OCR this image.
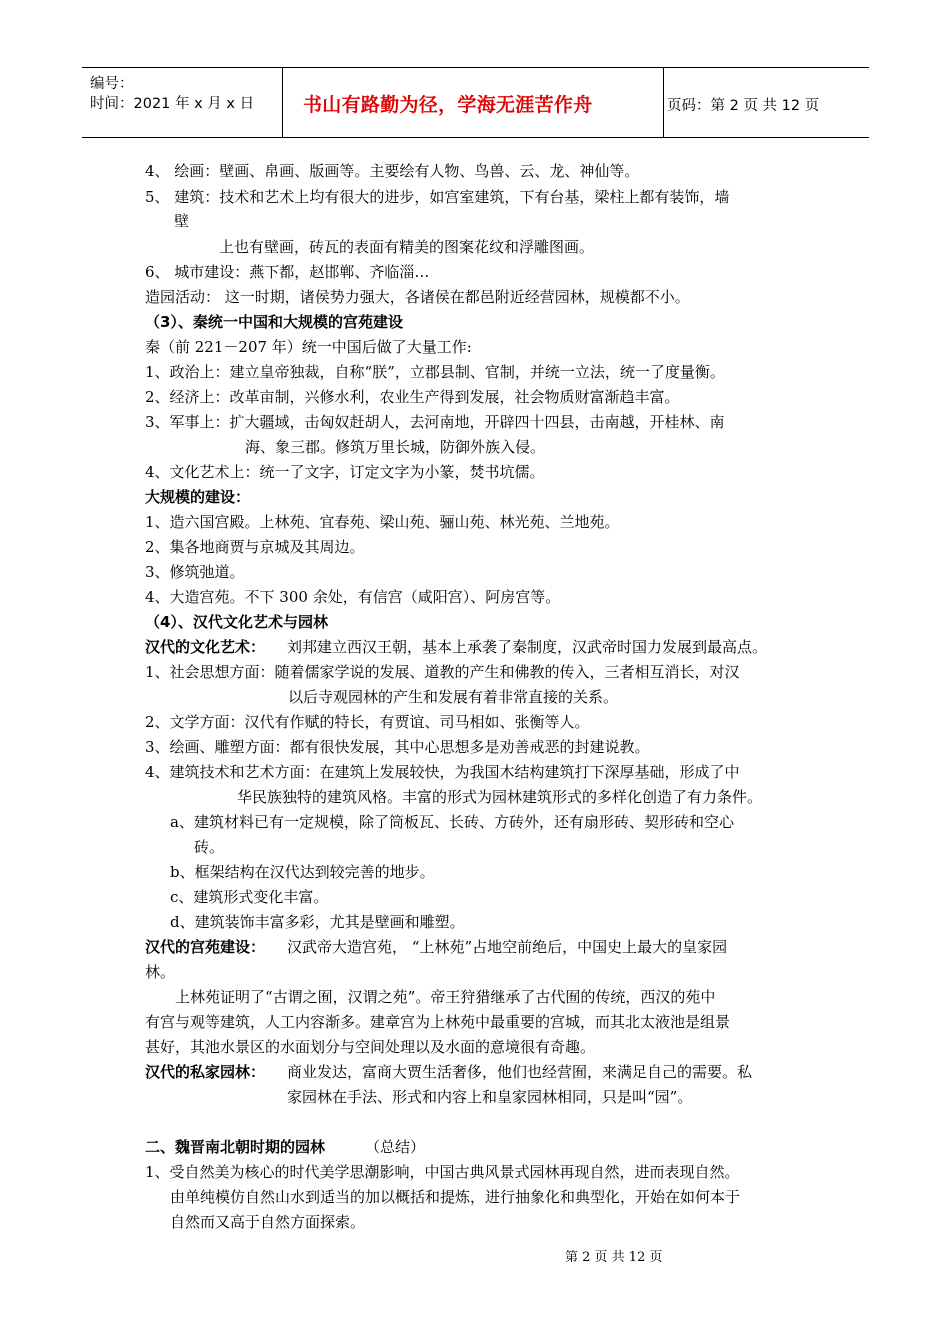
编号：
时间：2021 年 x 月 x 日	书山有路勤为径，学海无涯苦作舟	页码：第 2 页 共 12 页
4、 绘画：壁画、帛画、版画等。主要绘有人物、鸟兽、云、龙、神仙等。
5、 建筑：技术和艺术上均有很大的进步，如宫室建筑，下有台基，梁柱上都有装饰，墙
壁
上也有壁画，砖瓦的表面有精美的图案花纹和浮雕图画。
6、 城市建设：燕下都，赵邯郸、齐临淄…
造园活动： 这一时期，诸侯势力强大，各诸侯在都邑附近经营园林，规模都不小。
（3）、秦统一中国和大规模的宫苑建设
秦（前 221－207 年）统一中国后做了大量工作:
1、政治上：建立皇帝独裁，自称“朕”，立郡县制、官制，并统一立法，统一了度量衡。
2、经济上：改革亩制，兴修水利，农业生产得到发展，社会物质财富渐趋丰富。
3、军事上：扩大疆域，击匈奴赶胡人，去河南地，开辟四十四县，击南越，开桂林、南
海、象三郡。修筑万里长城，防御外族入侵。
4、文化艺术上：统一了文字，订定文字为小篆，焚书坑儒。
大规模的建设：
1、造六国宫殿。上林苑、宜春苑、梁山苑、骊山苑、林光苑、兰地苑。
2、集各地商贾与京城及其周边。
3、修筑弛道。
4、大造宫苑。不下 300 余处，有信宫（咸阳宫）、阿房宫等。
（4）、汉代文化艺术与园林
汉代的文化艺术： 刘邦建立西汉王朝，基本上承袭了秦制度，汉武帝时国力发展到最高点。
1、社会思想方面：随着儒家学说的发展、道教的产生和佛教的传入，三者相互消长，对汉
以后寺观园林的产生和发展有着非常直接的关系。
2、文学方面：汉代有作赋的特长，有贾谊、司马相如、张衡等人。
3、绘画、雕塑方面：都有很快发展，其中心思想多是劝善戒恶的封建说教。
4、建筑技术和艺术方面：在建筑上发展较快，为我国木结构建筑打下深厚基础，形成了中
华民族独特的建筑风格。丰富的形式为园林建筑形式的多样化创造了有力条件。
a、建筑材料已有一定规模，除了筒板瓦、长砖、方砖外，还有扇形砖、契形砖和空心
砖。
b、框架结构在汉代达到较完善的地步。
c、建筑形式变化丰富。
d、建筑装饰丰富多彩，尤其是壁画和雕塑。
汉代的宫苑建设： 汉武帝大造宫苑， “上林苑”占地空前绝后，中国史上最大的皇家园
林。
上林苑证明了“古谓之囿，汉谓之苑”。帝王狩猎继承了古代囿的传统，西汉的苑中
有宫与观等建筑，人工内容渐多。建章宫为上林苑中最重要的宫城，而其北太液池是组景
甚好，其池水景区的水面划分与空间处理以及水面的意境很有奇趣。
汉代的私家园林： 商业发达，富商大贾生活奢侈，他们也经营囿，来满足自己的需要。私
家园林在手法、形式和内容上和皇家园林相同，只是叫“园”。
二、魏晋南北朝时期的园林	（总结）
1、受自然美为核心的时代美学思潮影响，中国古典风景式园林再现自然，进而表现自然。
由单纯模仿自然山水到适当的加以概括和提炼，进行抽象化和典型化，开始在如何本于
自然而又高于自然方面探索。
第 2 页 共 12 页
